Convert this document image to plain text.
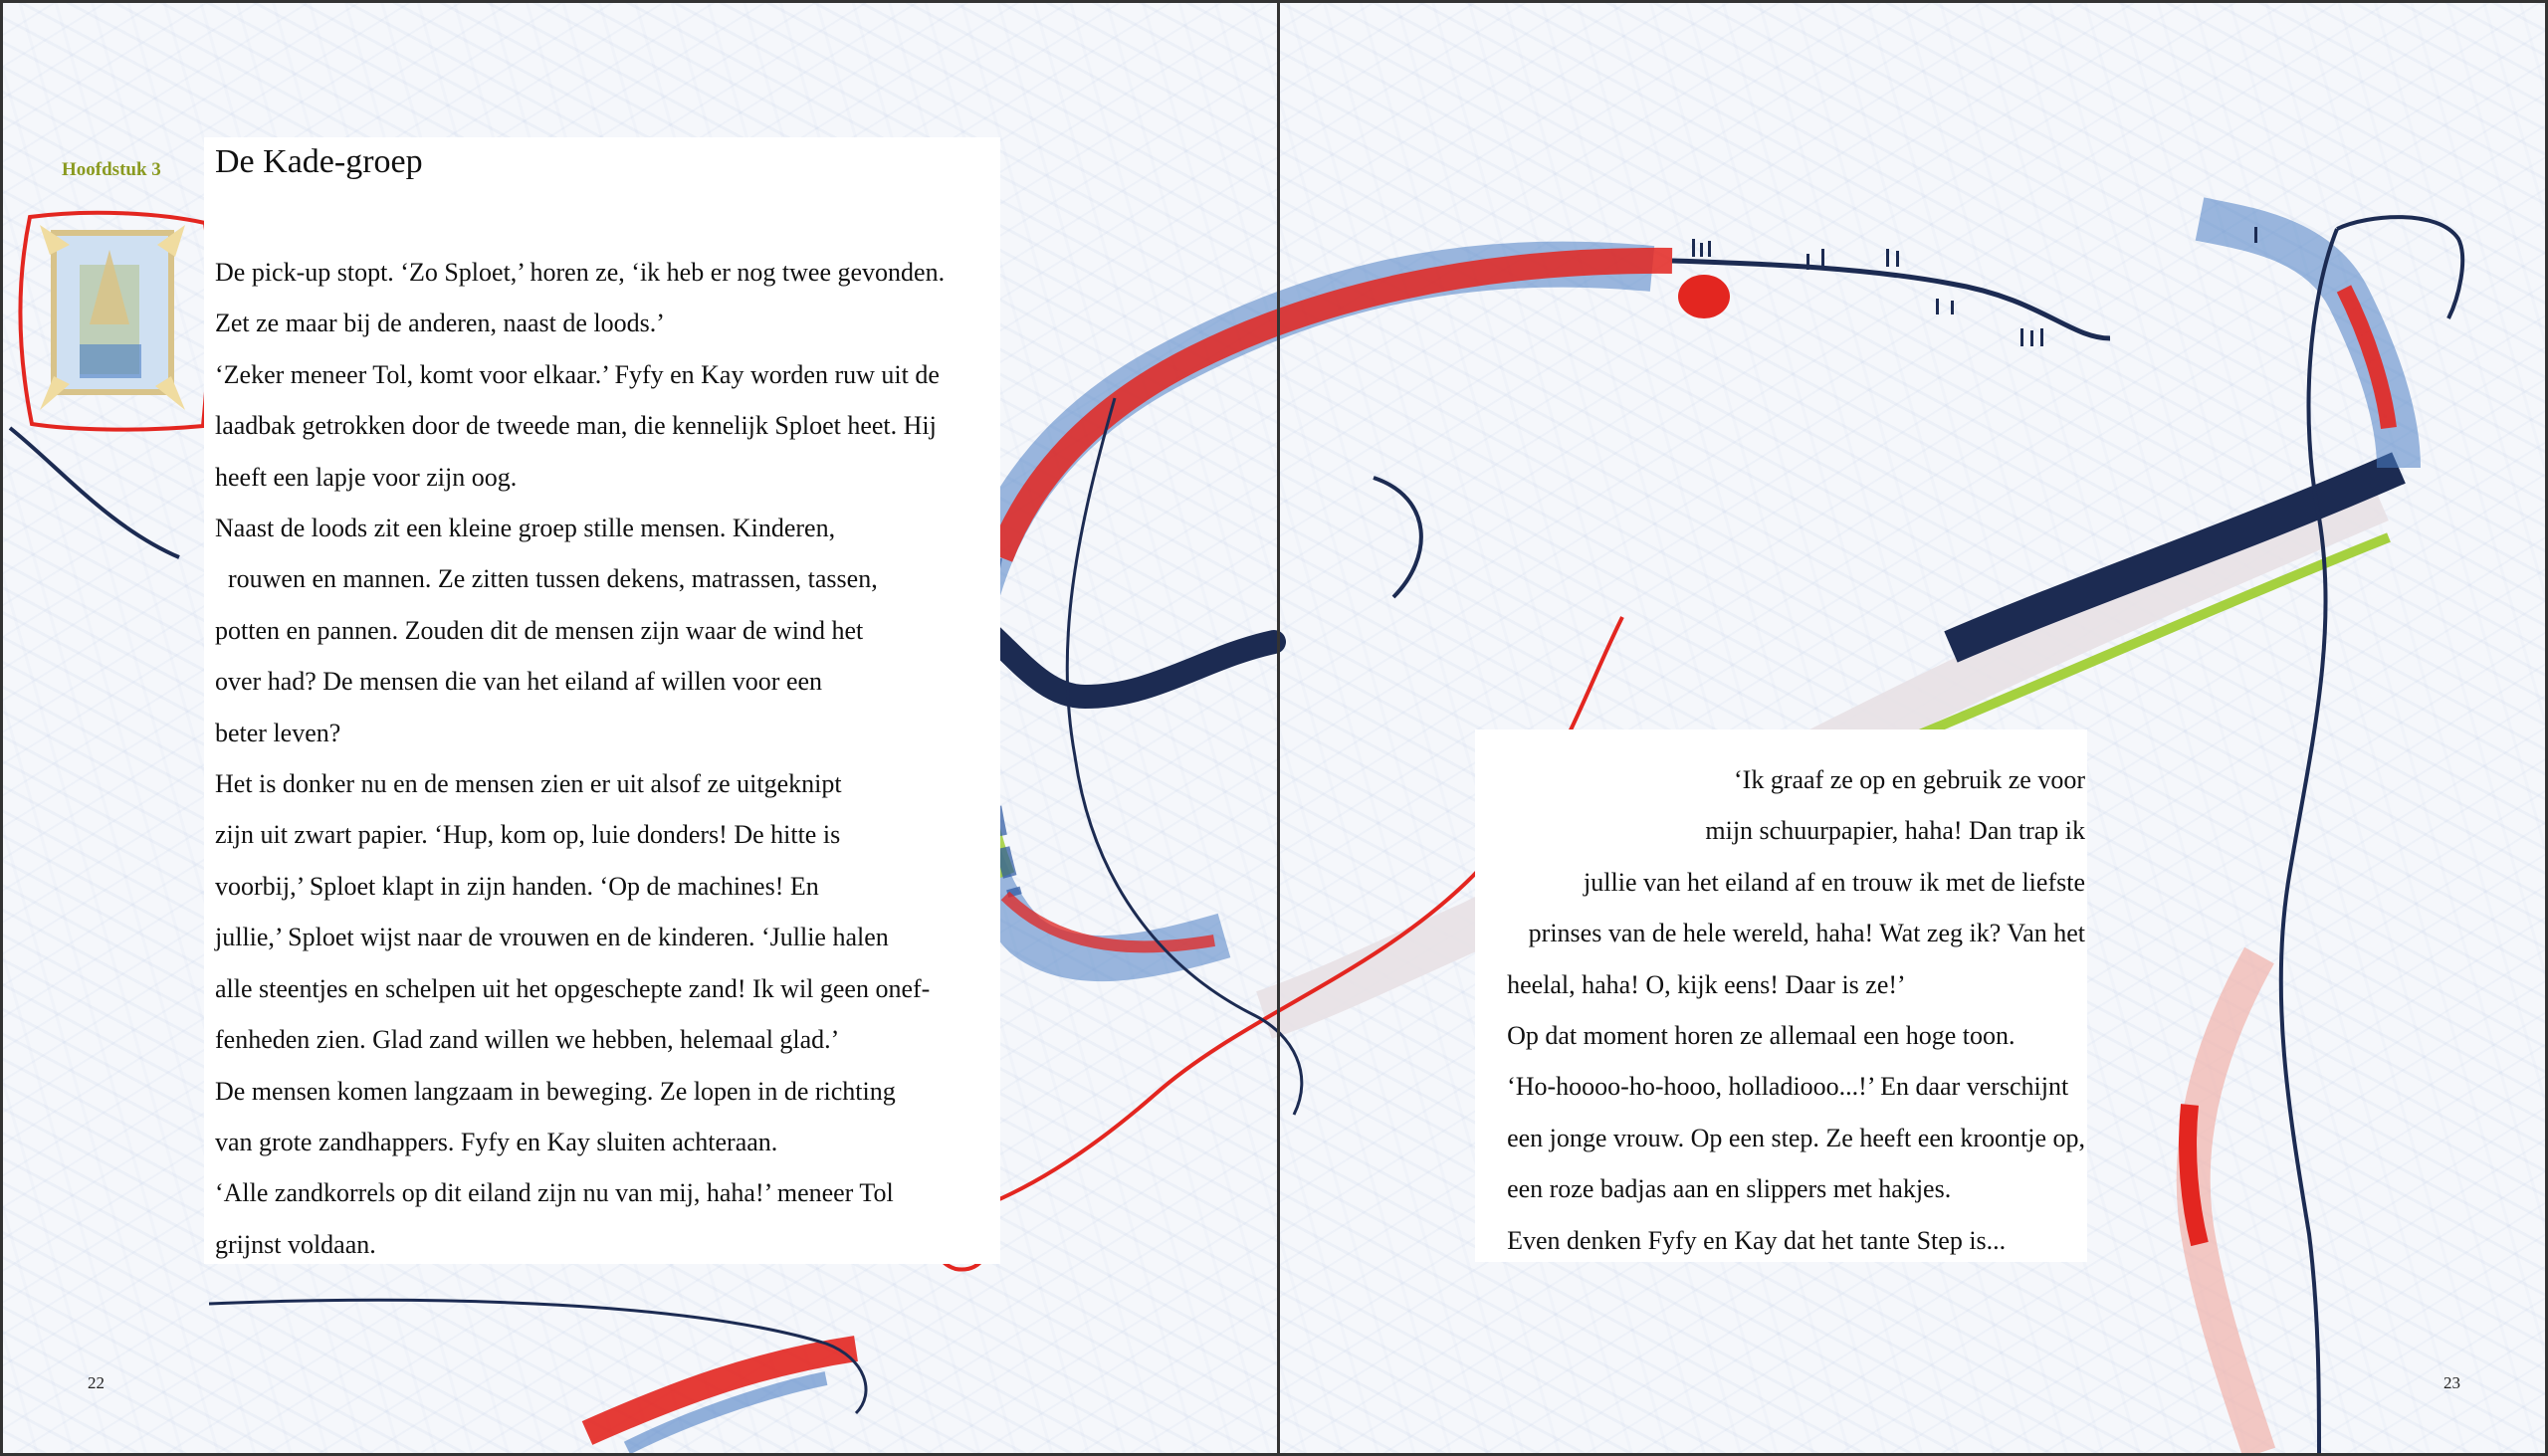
Hoofdstuk 3 De Kade-groep
De pick-up stopt. ‘Zo Sploet,’ horen ze, ‘ik heb er nog twee gevonden.
Zet ze maar bij de anderen, naast de loods.’
‘Zeker meneer Tol, komt voor elkaar.’ Fyfy en Kay worden ruw uit de
laadbak getrokken door de tweede man, die kennelijk Sploet heet. Hij
heeft een lapje voor zijn oog.
Naast de loods zit een kleine groep stille mensen. Kinderen,
rouwen en mannen. Ze zitten tussen dekens, matrassen, tassen,
potten en pannen. Zouden dit de mensen zijn waar de wind het
over had? De mensen die van het eiland af willen voor een
beter leven?
Het is donker nu en de mensen zien er uit alsof ze uitgeknipt
zijn uit zwart papier. ‘Hup, kom op, luie donders! De hitte is
voorbij,’ Sploet klapt in zijn handen. ‘Op de machines! En
jullie,’ Sploet wijst naar de vrouwen en de kinderen. ‘Jullie halen
alle steentjes en schelpen uit het opgeschepte zand! Ik wil geen onef-
fenheden zien. Glad zand willen we hebben, helemaal glad.’
De mensen komen langzaam in beweging. Ze lopen in de richting
van grote zandhappers. Fyfy en Kay sluiten achteraan.
‘Alle zandkorrels op dit eiland zijn nu van mij, haha!’ meneer Tol
grijnst voldaan.
‘Ik graaf ze op en gebruik ze voor
mijn schuurpapier, haha! Dan trap ik
jullie van het eiland af en trouw ik met de liefste
prinses van de hele wereld, haha! Wat zeg ik? Van het
heelal, haha! O, kijk eens! Daar is ze!’
Op dat moment horen ze allemaal een hoge toon.
‘Ho-hoooo-ho-hooo, holladiooo...!’ En daar verschijnt
een jonge vrouw. Op een step. Ze heeft een kroontje op,
een roze badjas aan en slippers met hakjes.
Even denken Fyfy en Kay dat het tante Step is...
22	23
